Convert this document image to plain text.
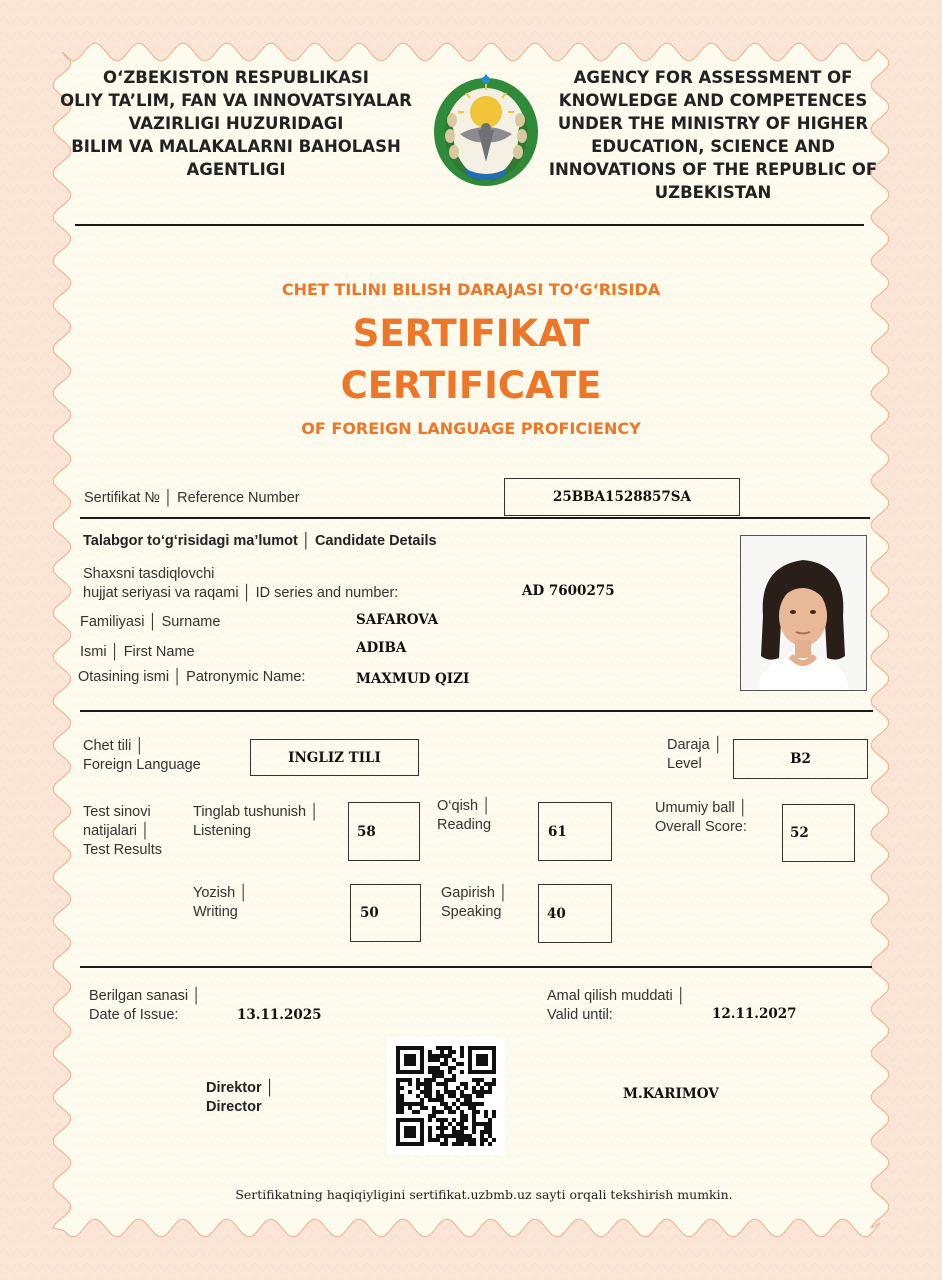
O‘ZBEKISTON RESPUBLIKASI
OLIY TA’LIM, FAN VA INNOVATSIYALAR
VAZIRLIGI HUZURIDAGI
BILIM VA MALAKALARNI BAHOLASH
AGENTLIGI
AGENCY FOR ASSESSMENT OF
KNOWLEDGE AND COMPETENCES
UNDER THE MINISTRY OF HIGHER
EDUCATION, SCIENCE AND
INNOVATIONS OF THE REPUBLIC OF
UZBEKISTAN
CHET TILINI BILISH DARAJASI TO‘G‘RISIDA
SERTIFIKAT
CERTIFICATE
OF FOREIGN LANGUAGE PROFICIENCY
Sertifikat № │ Reference Number	25BBA1528857SA
Talabgor to‘g‘risidagi ma’lumot │ Candidate Details
Shaxsni tasdiqlovchi
hujjat seriyasi va raqami │ ID series and number:	AD 7600275
Familiyasi │ Surname	SAFAROVA
Ismi │ First Name	ADIBA
Otasining ismi │ Patronymic Name:	MAXMUD QIZI
Chet tili │
Foreign Language	INGLIZ TILI
Daraja │
Level	B2
Test sinovi
natijalari │
Test Results
Tinglab tushunish │
Listening	58
O‘qish │
Reading	61
Umumiy ball │
Overall Score:	52
Yozish │
Writing	50
Gapirish │
Speaking	40
Berilgan sanasi │
Date of Issue:	13.11.2025
Amal qilish muddati │
Valid until:	12.11.2027
Direktor │
Director
M.KARIMOV
Sertifikatning haqiqiyligini sertifikat.uzbmb.uz sayti orqali tekshirish mumkin.
